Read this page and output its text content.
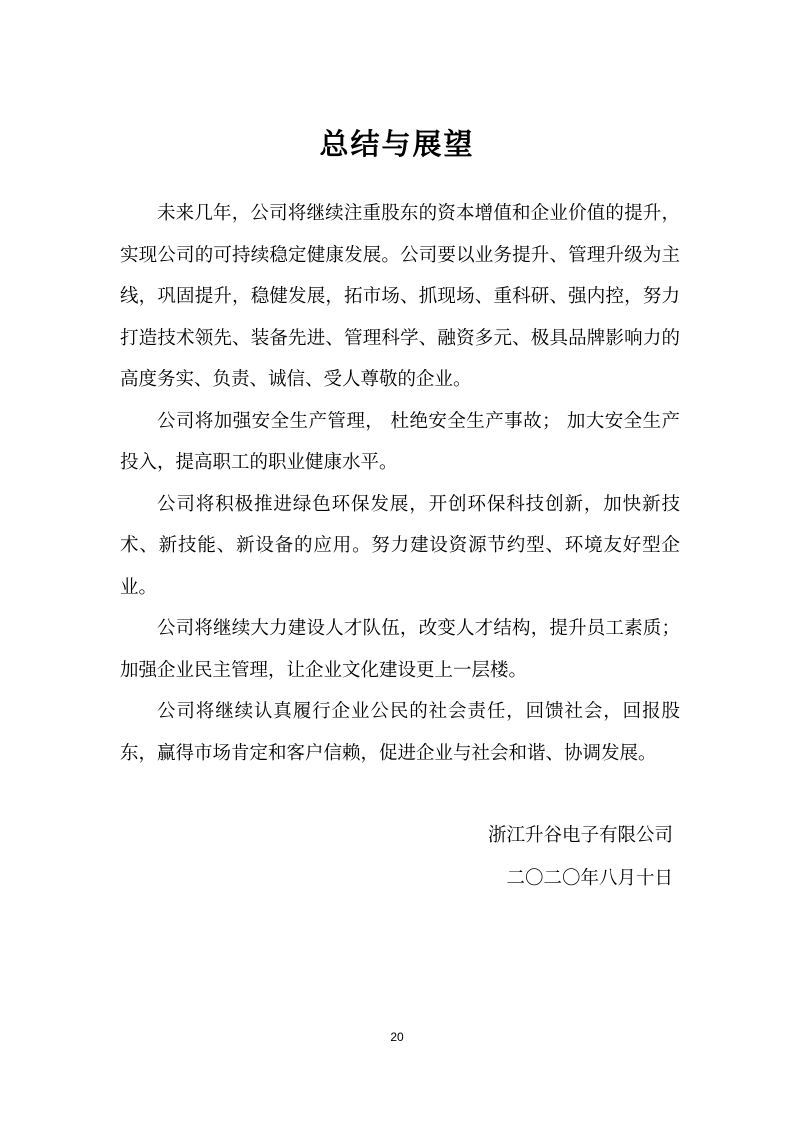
总结与展望

未来几年，公司将继续注重股东的资本增值和企业价值的提升，实现公司的可持续稳定健康发展。公司要以业务提升、管理升级为主线，巩固提升，稳健发展，拓市场、抓现场、重科研、强内控，努力打造技术领先、装备先进、管理科学、融资多元、极具品牌影响力的高度务实、负责、诚信、受人尊敬的企业。

公司将加强安全生产管理， 杜绝安全生产事故； 加大安全生产投入，提高职工的职业健康水平。

公司将积极推进绿色环保发展，开创环保科技创新，加快新技术、新技能、新设备的应用。努力建设资源节约型、环境友好型企业。

公司将继续大力建设人才队伍，改变人才结构，提升员工素质；加强企业民主管理，让企业文化建设更上一层楼。

公司将继续认真履行企业公民的社会责任，回馈社会，回报股东，赢得市场肯定和客户信赖，促进企业与社会和谐、协调发展。

浙江升谷电子有限公司
二〇二〇年八月十日
20
